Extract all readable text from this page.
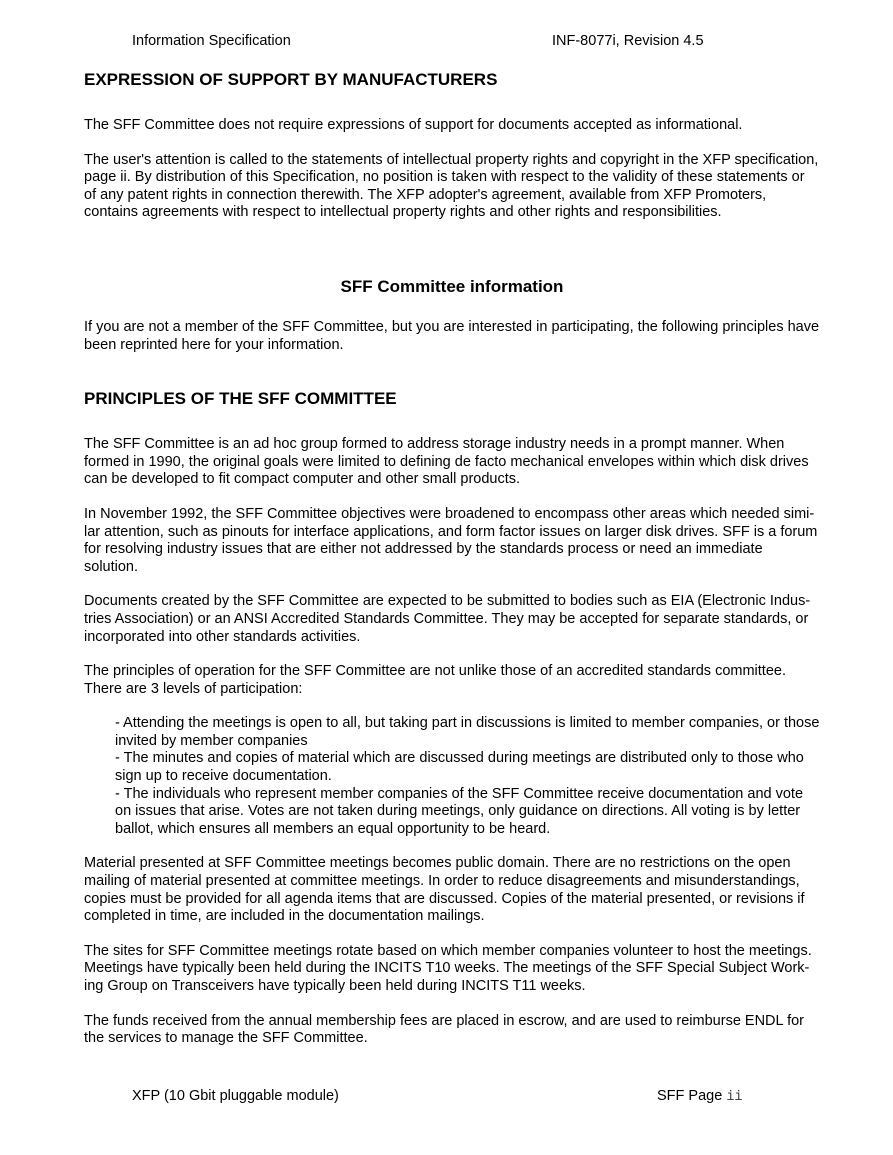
Information Specification	INF-8077i, Revision 4.5
EXPRESSION OF SUPPORT BY MANUFACTURERS

The SFF Committee does not require expressions of support for documents accepted as informational.

The user's attention is called to the statements of intellectual property rights and copyright in the XFP specification, page ii. By distribution of this Specification, no position is taken with respect to the validity of these statements or of any patent rights in connection therewith. The XFP adopter's agreement, available from XFP Promoters, contains agreements with respect to intellectual property rights and other rights and responsibilities.

SFF Committee information

If you are not a member of the SFF Committee, but you are interested in participating, the following principles have been reprinted here for your information.

PRINCIPLES OF THE SFF COMMITTEE

The SFF Committee is an ad hoc group formed to address storage industry needs in a prompt manner. When formed in 1990, the original goals were limited to defining de facto mechanical envelopes within which disk drives can be developed to fit compact computer and other small products.

In November 1992, the SFF Committee objectives were broadened to encompass other areas which needed simi-lar attention, such as pinouts for interface applications, and form factor issues on larger disk drives. SFF is a forum for resolving industry issues that are either not addressed by the standards process or need an immediate solution.

Documents created by the SFF Committee are expected to be submitted to bodies such as EIA (Electronic Indus-tries Association) or an ANSI Accredited Standards Committee. They may be accepted for separate standards, or incorporated into other standards activities.

The principles of operation for the SFF Committee are not unlike those of an accredited standards committee. There are 3 levels of participation:

- Attending the meetings is open to all, but taking part in discussions is limited to member companies, or those invited by member companies

- The minutes and copies of material which are discussed during meetings are distributed only to those who sign up to receive documentation.

- The individuals who represent member companies of the SFF Committee receive documentation and vote on issues that arise. Votes are not taken during meetings, only guidance on directions. All voting is by letter ballot, which ensures all members an equal opportunity to be heard.

Material presented at SFF Committee meetings becomes public domain. There are no restrictions on the open mailing of material presented at committee meetings. In order to reduce disagreements and misunderstandings, copies must be provided for all agenda items that are discussed. Copies of the material presented, or revisions if completed in time, are included in the documentation mailings.

The sites for SFF Committee meetings rotate based on which member companies volunteer to host the meetings. Meetings have typically been held during the INCITS T10 weeks. The meetings of the SFF Special Subject Work-ing Group on Transceivers have typically been held during INCITS T11 weeks.

The funds received from the annual membership fees are placed in escrow, and are used to reimburse ENDL for the services to manage the SFF Committee.

XFP (10 Gbit pluggable module)	SFF Page ii
